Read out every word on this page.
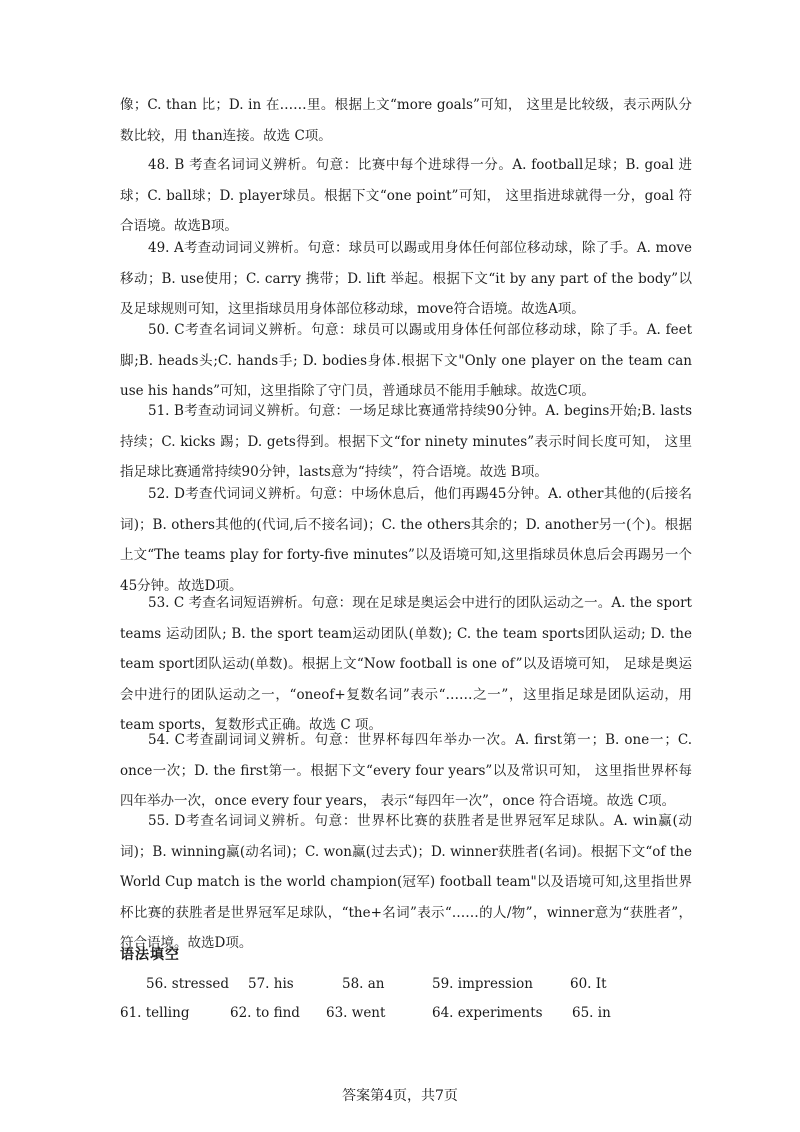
像；C. than 比；D. in 在……里。根据上文“more goals”可知， 这里是比较级，表示两队分数比较，用 than连接。故选 C项。

48. B 考查名词词义辨析。句意：比赛中每个进球得一分。A. football足球；B. goal 进球；C. ball球；D. player球员。根据下文“one point”可知， 这里指进球就得一分，goal 符合语境。故选B项。

49. A考查动词词义辨析。句意：球员可以踢或用身体任何部位移动球，除了手。A. move移动；B. use使用；C. carry 携带；D. lift 举起。根据下文“it by any part of the body”以及足球规则可知，这里指球员用身体部位移动球，move符合语境。故选A项。

50. C考查名词词义辨析。句意：球员可以踢或用身体任何部位移动球，除了手。A. feet脚;B. heads头;C. hands手; D. bodies身体.根据下文"Only one player on the team can use his hands”可知，这里指除了守门员，普通球员不能用手触球。故选C项。

51. B考查动词词义辨析。句意：一场足球比赛通常持续90分钟。A. begins开始;B. lasts持续；C. kicks 踢；D. gets得到。根据下文“for ninety minutes”表示时间长度可知， 这里指足球比赛通常持续90分钟，lasts意为“持续”，符合语境。故选 B项。

52. D考查代词词义辨析。句意：中场休息后，他们再踢45分钟。A. other其他的(后接名词)；B. others其他的(代词,后不接名词)；C. the others其余的；D. another另一(个)。根据上文“The teams play for forty-five minutes”以及语境可知,这里指球员休息后会再踢另一个45分钟。故选D项。

53. C 考查名词短语辨析。句意：现在足球是奥运会中进行的团队运动之一。A. the sport teams 运动团队; B. the sport team运动团队(单数); C. the team sports团队运动; D. the team sport团队运动(单数)。根据上文“Now football is one of”以及语境可知， 足球是奥运会中进行的团队运动之一，“oneof+复数名词”表示“……之一”，这里指足球是团队运动，用 team sports，复数形式正确。故选 C 项。

54. C考查副词词义辨析。句意：世界杯每四年举办一次。A. first第一；B. one一；C. once一次；D. the first第一。根据下文“every four years”以及常识可知， 这里指世界杯每四年举办一次，once every four years， 表示“每四年一次”，once 符合语境。故选 C项。

55. D考查名词词义辨析。句意：世界杯比赛的获胜者是世界冠军足球队。A. win赢(动词)；B. winning赢(动名词)；C. won赢(过去式)；D. winner获胜者(名词)。根据下文“of the World Cup match is the world champion(冠军) football team"以及语境可知,这里指世界杯比赛的获胜者是世界冠军足球队，“the+名词”表示“……的人/物”，winner意为“获胜者”，符合语境。故选D项。

语法填空
56. stressed 57. his	58. an	59. impression	60. It
61. telling	62. to find 63. went	64. experiments 65. in
答案第4页，共7页
